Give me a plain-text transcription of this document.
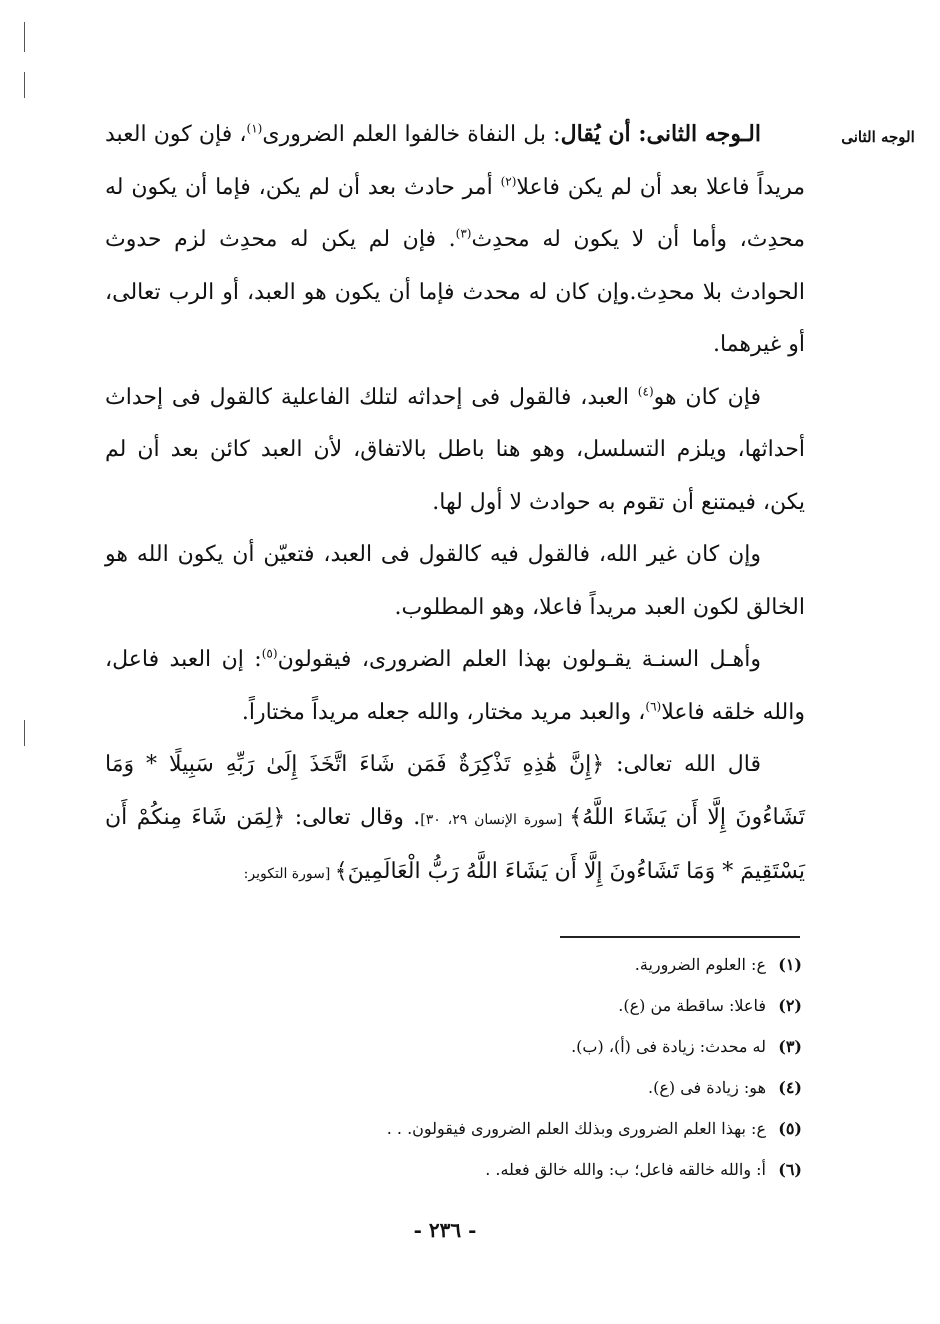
الوجه الثانى

الـوجه الثانى: أن يُقال: بل النفاة خالفوا العلم الضرورى$^{(١)}$، فإن كون العبد مريداً فاعلا بعد أن لم يكن فاعلا$^{(٢)}$ أمر حادث بعد أن لم يكن، فإما أن يكون له محدِث، وأما أن لا يكون له محدِث$^{(٣)}$. فإن لم يكن له محدِث لزم حدوث الحوادث بلا محدِث.وإن كان له محدث فإما أن يكون هو العبد، أو الرب تعالى، أو غيرهما.

فإن كان هو$^{(٤)}$ العبد، فالقول فى إحداثه لتلك الفاعلية كالقول فى إحداث أحداثها، ويلزم التسلسل، وهو هنا باطل بالاتفاق، لأن العبد كائن بعد أن لم يكن، فيمتنع أن تقوم به حوادث لا أول لها.

وإن كان غير الله، فالقول فيه كالقول فى العبد، فتعيّن أن يكون الله هو الخالق لكون العبد مريداً فاعلا، وهو المطلوب.

وأهـل السنـة يقـولون بهذا العلم الضرورى، فيقولون$^{(٥)}$: إن العبد فاعل، والله خلقه فاعلا$^{(٦)}$، والعبد مريد مختار، والله جعله مريداً مختاراً.

قال الله تعالى: ﴿إِنَّ هَٰذِهِ تَذْكِرَةٌ فَمَن شَاءَ اتَّخَذَ إِلَىٰ رَبِّهِ سَبِيلًا * وَمَا تَشَاءُونَ إِلَّا أَن يَشَاءَ اللَّهُ﴾ [سورة الإنسان ٢٩، ٣٠]. وقال تعالى: ﴿لِمَن شَاءَ مِنكُمْ أَن يَسْتَقِيمَ * وَمَا تَشَاءُونَ إِلَّا أَن يَشَاءَ اللَّهُ رَبُّ الْعَالَمِينَ﴾ [سورة التكوير:

(١)ع: العلوم الضرورية.
(٢)فاعلا: ساقطة من (ع).
(٣)له محدث: زيادة فى (أ)، (ب).
(٤)هو: زيادة فى (ع).
(٥)ع: بهذا العلم الضرورى وبذلك العلم الضرورى فيقولون. . .
(٦)أ: والله خالقه فاعل؛ ب: والله خالق فعله. .
- ٢٣٦ -
